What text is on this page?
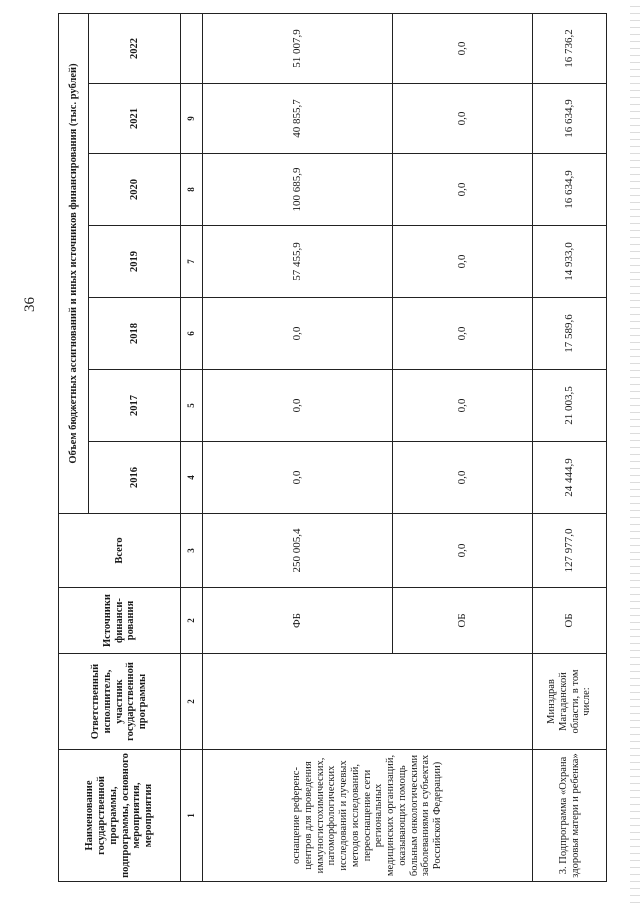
36
Наименование государственной программы, подпрограммы, основного мероприятия, мероприятия	Ответственный исполнитель, участник государственной программы	Источники финанси-рования	Всего	Объем бюджетных ассигнований и иных источников финансирования (тыс. рублей)						
				2016	2017	2018	2019	2020	2021	2022
1	2	2	3	4	5	6	7	8	9	
оснащение референс-центров для проведения иммуногистохимических, патоморфологических исследований и лучевых методов исследований, переоснащение сети региональных медицинских организаций, оказывающих помощь больным онкологическими заболеваниями в субъектах Российской Федерации)		ФБ	250 005,4	0,0	0,0	0,0	57 455,9	100 685,9	40 855,7	51 007,9
		ОБ	0,0	0,0	0,0	0,0	0,0	0,0	0,0	0,0
3. Подпрограмма «Охрана здоровья матери и ребенка»	Минздрав Магаданской области, в том числе:	ОБ	127 977,0	24 444,9	21 003,5	17 589,6	14 933,0	16 634,9	16 634,9	16 736,2
